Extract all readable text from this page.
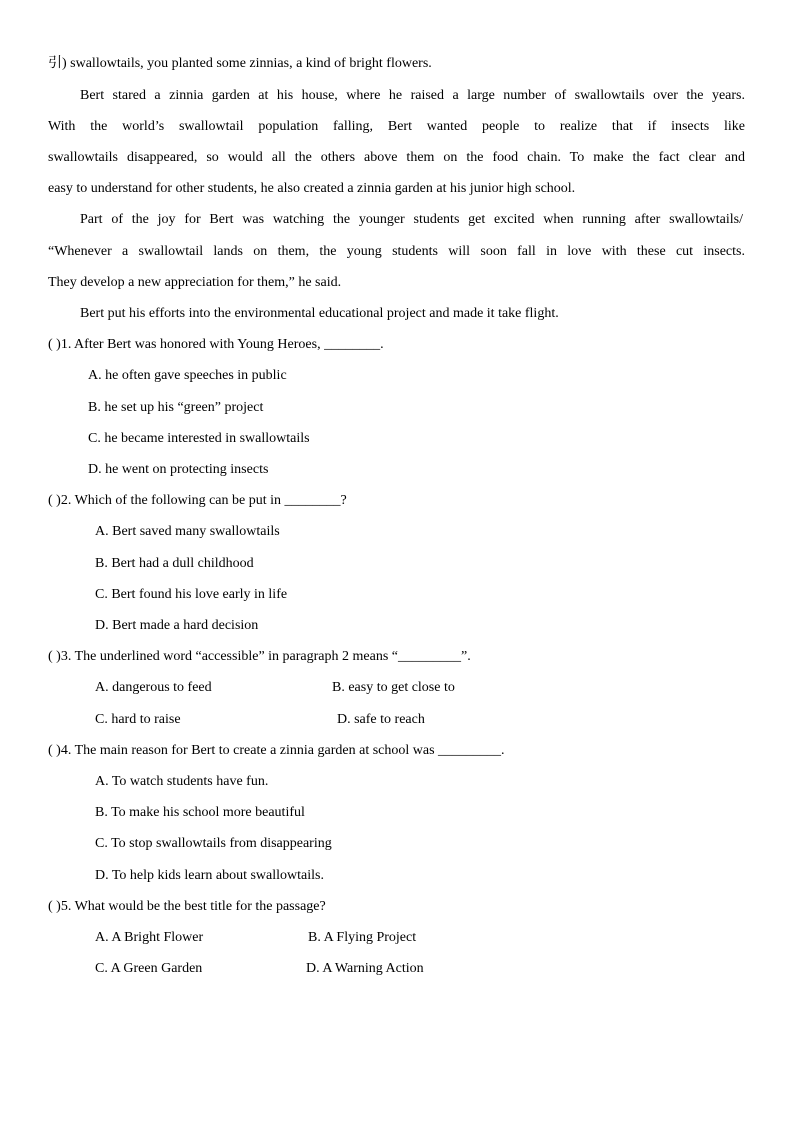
引) swallowtails, you planted some zinnias, a kind of bright flowers.
Bert stared a zinnia garden at his house, where he raised a large number of swallowtails over the years.
With the world’s swallowtail population falling, Bert wanted people to realize that if insects like
swallowtails disappeared, so would all the others above them on the food chain. To make the fact clear and
easy to understand for other students, he also created a zinnia garden at his junior high school.
Part of the joy for Bert was watching the younger students get excited when running after swallowtails/
“Whenever a swallowtail lands on them, the young students will soon fall in love with these cut insects.
They develop a new appreciation for them,” he said.
Bert put his efforts into the environmental educational project and made it take flight.
( )1. After Bert was honored with Young Heroes, ________.
A. he often gave speeches in public
B. he set up his “green” project
C. he became interested in swallowtails
D. he went on protecting insects
( )2. Which of the following can be put in ________?
A. Bert saved many swallowtails
B. Bert had a dull childhood
C. Bert found his love early in life
D. Bert made a hard decision
( )3. The underlined word “accessible” in paragraph 2 means “_________”.
A. dangerous to feed	B. easy to get close to
C. hard to raise	D. safe to reach
( )4. The main reason for Bert to create a zinnia garden at school was _________.
A. To watch students have fun.
B. To make his school more beautiful
C. To stop swallowtails from disappearing
D. To help kids learn about swallowtails.
( )5. What would be the best title for the passage?
A. A Bright Flower	B. A Flying Project
C. A Green Garden	D. A Warning Action
